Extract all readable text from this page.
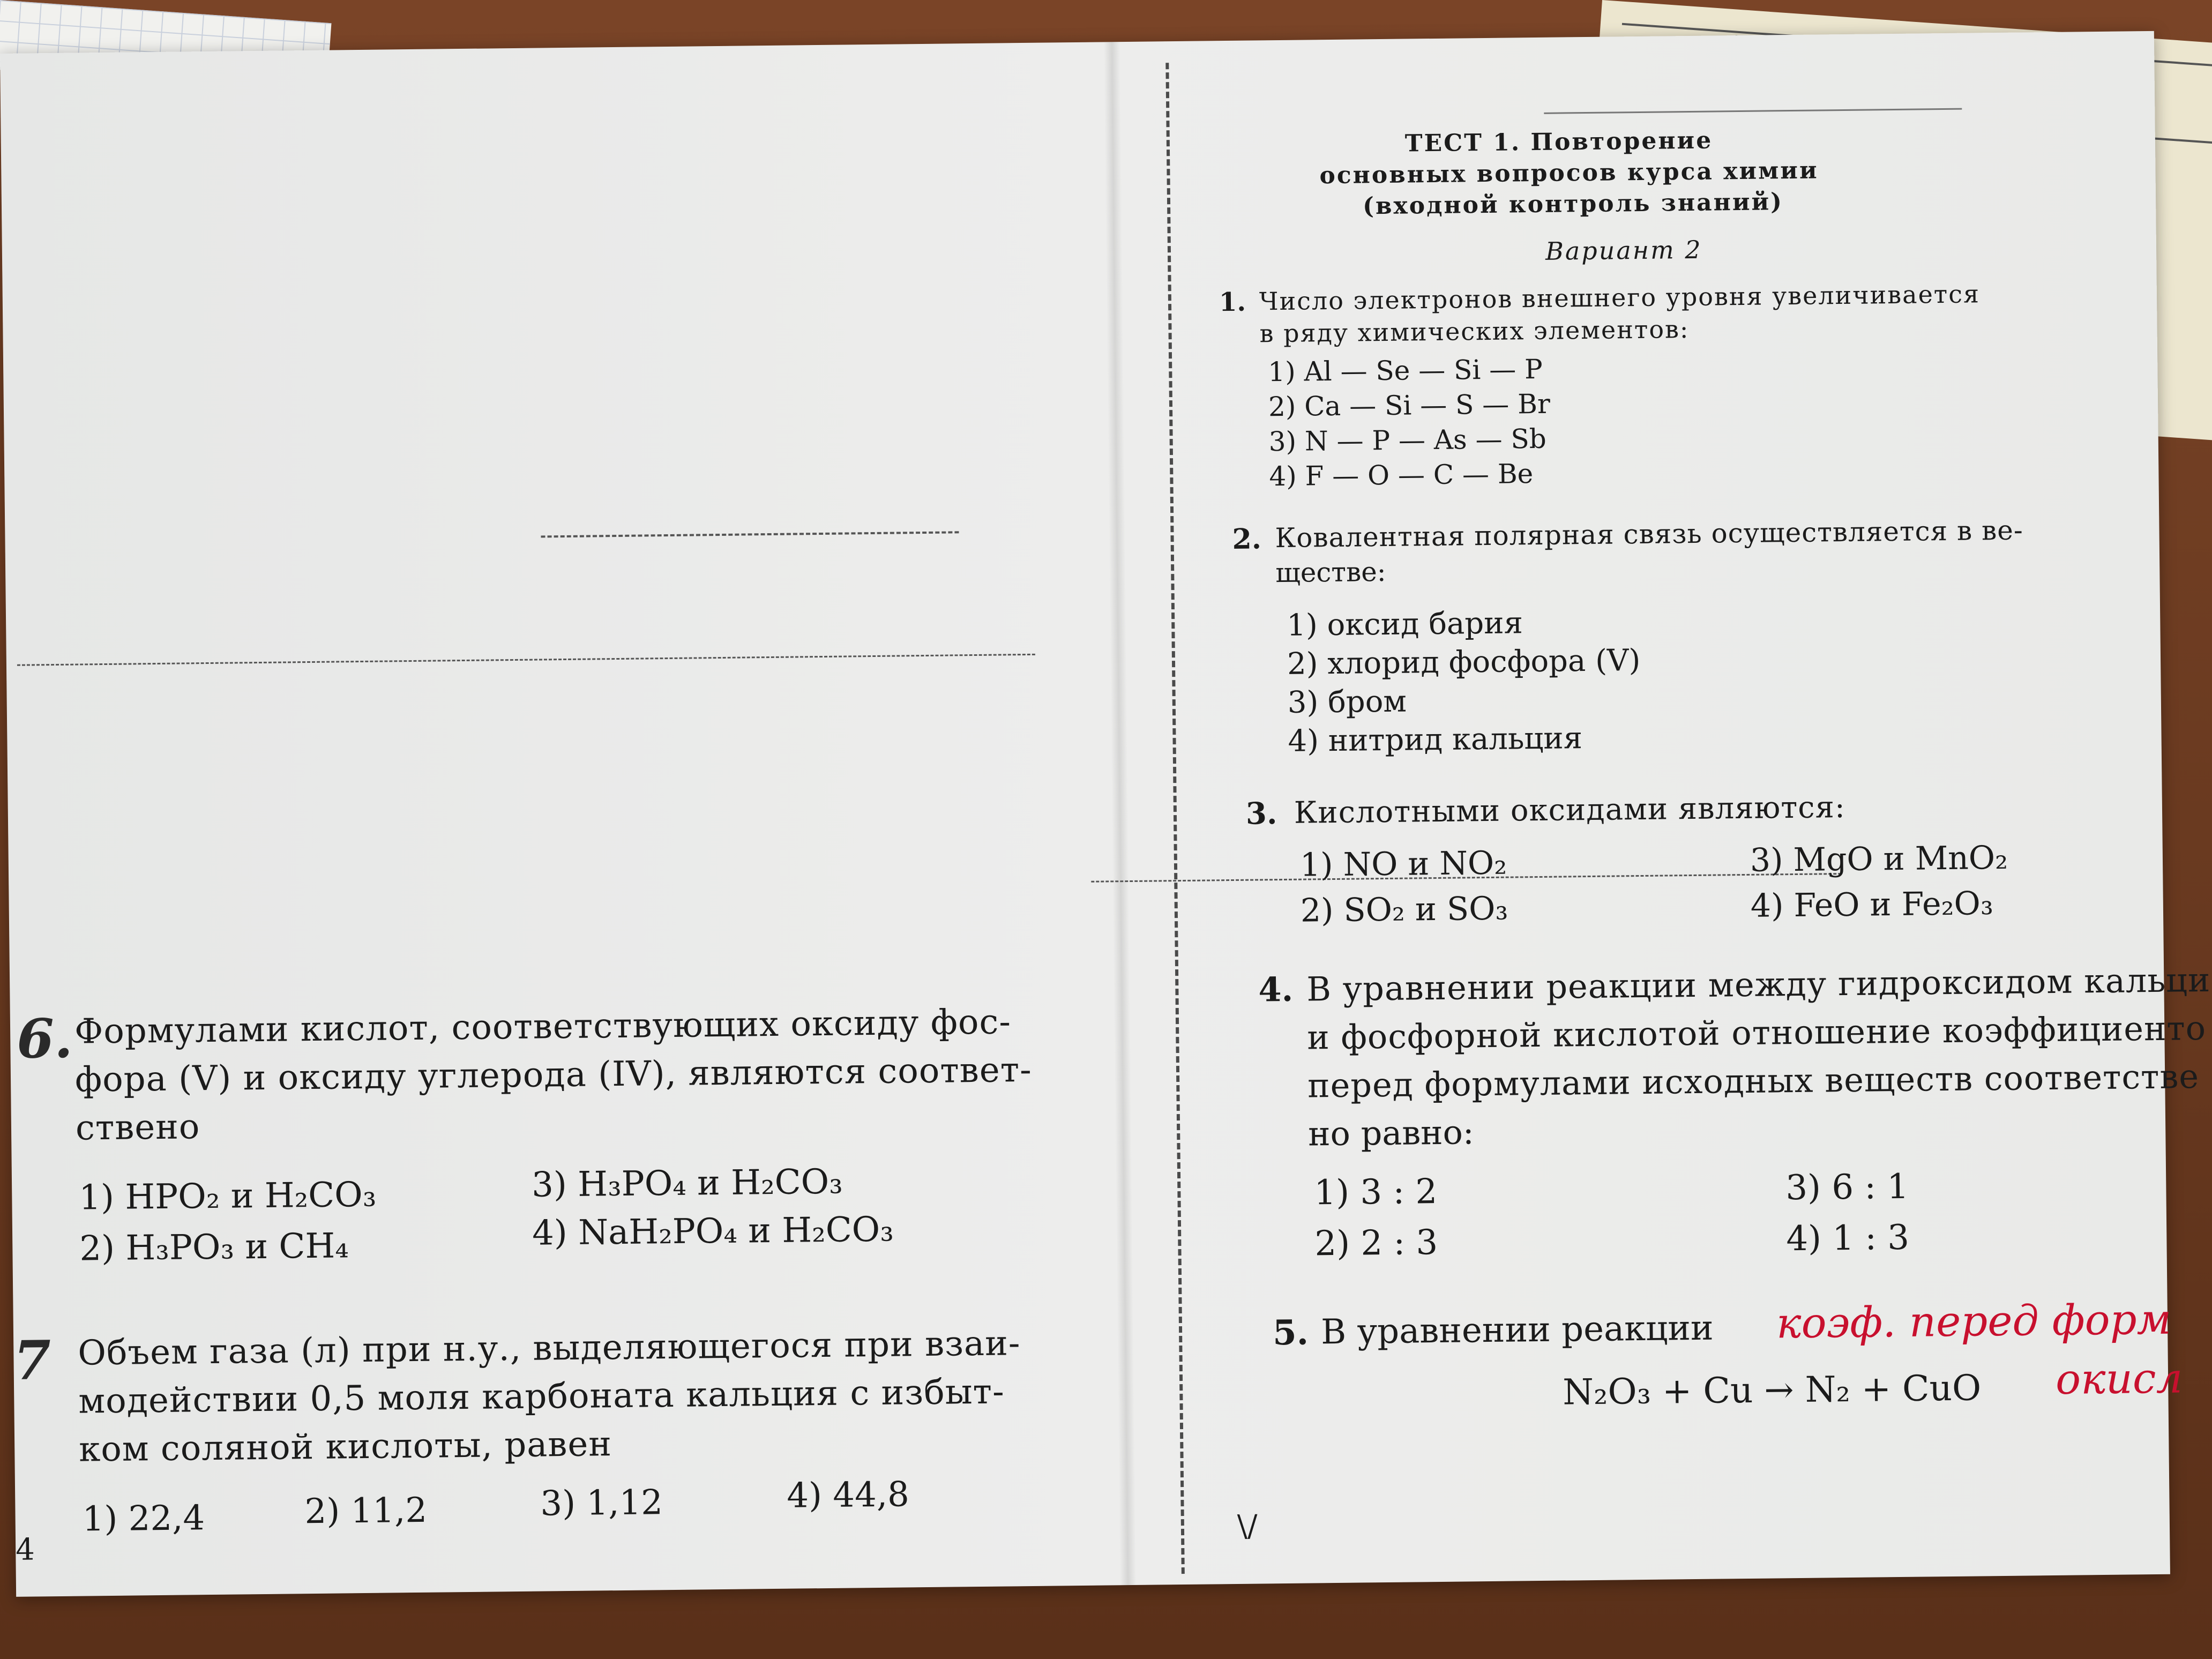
ТЕСТ 1. Повторение
основных вопросов курса химии
(входной контроль знаний)
Вариант 2
1. Число электронов внешнего уровня увеличивается
в ряду химических элементов:
1) Al — Se — Si — P
2) Ca — Si — S — Br
3) N — P — As — Sb
4) F — O — C — Be
2. Ковалентная полярная связь осуществляется в ве-
ществе:
1) оксид бария
2) хлорид фосфора (V)
3) бром
4) нитрид кальция
3. Кислотными оксидами являются:
1) NO и NO₂
2) SO₂ и SO₃
3) MgO и MnO₂
4) FeO и Fe₂O₃
4. В уравнении реакции между гидроксидом кальци
и фосфорной кислотой отношение коэффициенто
перед формулами исходных веществ соответстве
но равно:
1) 3 : 2
2) 2 : 3
3) 6 : 1
4) 1 : 3
5. В уравнении реакции коэф. перед форм
N₂O₃ + Cu → N₂ + CuO окисл
\/
6. Формулами кислот, соответствующих оксиду фос-
фора (V) и оксиду углерода (IV), являются соответ-
ствено
1) HPO₂ и H₂CO₃
2) H₃PO₃ и CH₄
3) H₃PO₄ и H₂CO₃
4) NaH₂PO₄ и H₂CO₃
7 Объем газа (л) при н.у., выделяющегося при взаи-
модействии 0,5 моля карбоната кальция с избыт-
ком соляной кислоты, равен
1) 22,4	2) 11,2	3) 1,12	4) 44,8
4
